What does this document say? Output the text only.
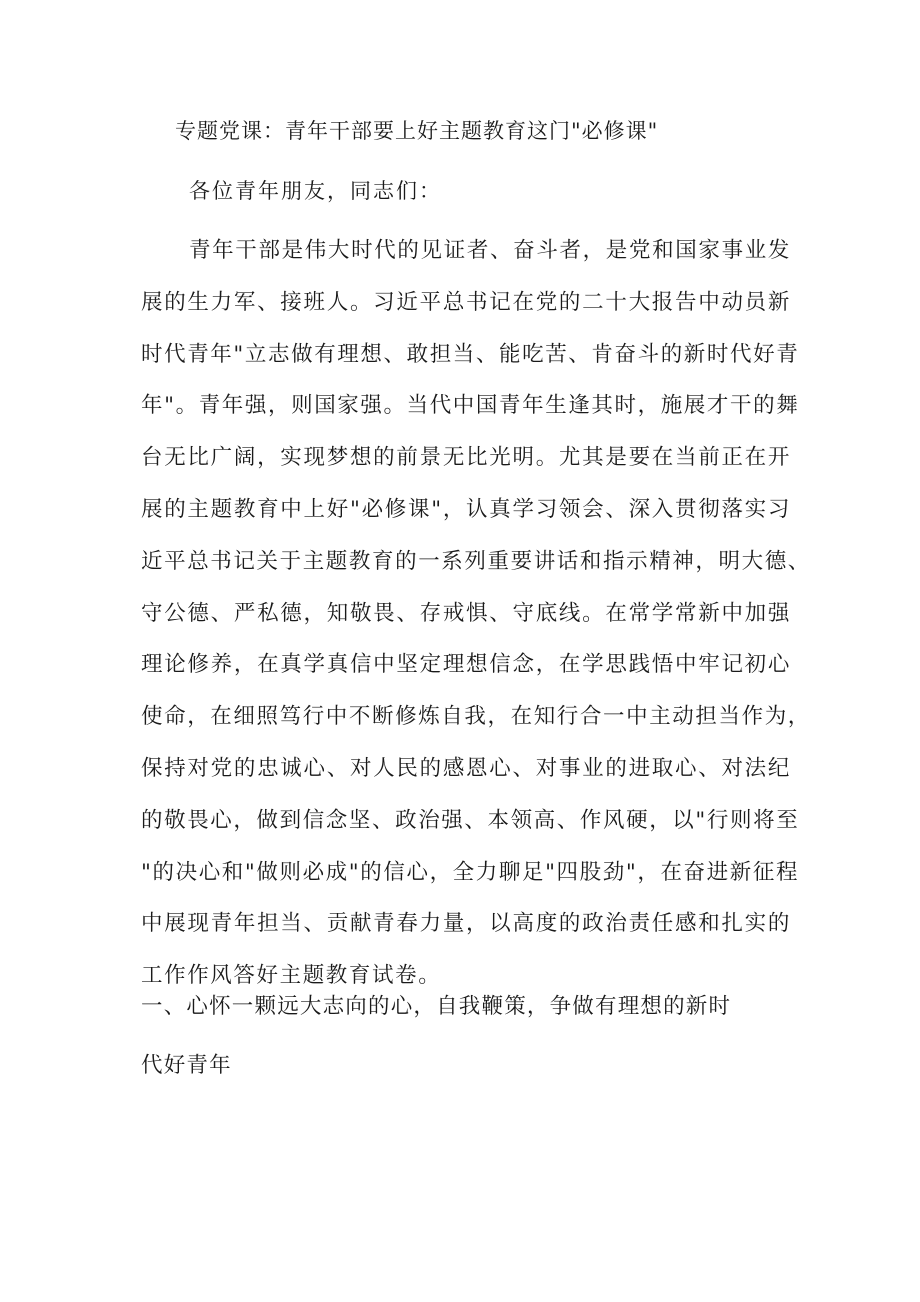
专题党课：青年干部要上好主题教育这门"必修课"
各位青年朋友，同志们：
青年干部是伟大时代的见证者、奋斗者，是党和国家事业发
展的生力军、接班人。习近平总书记在党的二十大报告中动员新
时代青年"立志做有理想、敢担当、能吃苦、肯奋斗的新时代好青
年"。青年强，则国家强。当代中国青年生逢其时，施展才干的舞
台无比广阔，实现梦想的前景无比光明。尤其是要在当前正在开
展的主题教育中上好"必修课"，认真学习领会、深入贯彻落实习
近平总书记关于主题教育的一系列重要讲话和指示精神，明大德、
守公德、严私德，知敬畏、存戒惧、守底线。在常学常新中加强
理论修养，在真学真信中坚定理想信念，在学思践悟中牢记初心
使命，在细照笃行中不断修炼自我，在知行合一中主动担当作为，
保持对党的忠诚心、对人民的感恩心、对事业的进取心、对法纪
的敬畏心，做到信念坚、政治强、本领高、作风硬，以"行则将至
"的决心和"做则必成"的信心，全力聊足"四股劲"，在奋进新征程
中展现青年担当、贡献青春力量，以高度的政治责任感和扎实的
工作作风答好主题教育试卷。
一、心怀一颗远大志向的心，自我鞭策，争做有理想的新时
代好青年
